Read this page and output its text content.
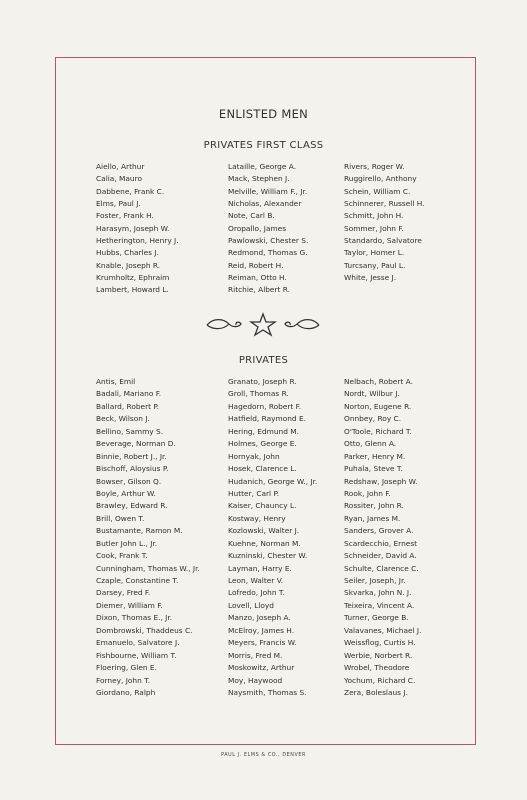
ENLISTED MEN
PRIVATES FIRST CLASS
Aiello, Arthur
Calia, Mauro
Dabbene, Frank C.
Elms, Paul J.
Foster, Frank H.
Harasym, Joseph W.
Hetherington, Henry J.
Hubbs, Charles J.
Knable, Joseph R.
Krumholtz, Ephraim
Lambert, Howard L.
Lataille, George A.
Mack, Stephen J.
Melville, William F., Jr.
Nicholas, Alexander
Note, Carl B.
Oropallo, James
Pawlowski, Chester S.
Redmond, Thomas G.
Reid, Robert H.
Reiman, Otto H.
Ritchie, Albert R.
Rivers, Roger W.
Ruggirello, Anthony
Schein, William C.
Schinnerer, Russell H.
Schmitt, John H.
Sommer, John F.
Standardo, Salvatore
Taylor, Homer L.
Turcsany, Paul L.
White, Jesse J.
PRIVATES
Antis, Emil
Badali, Mariano F.
Ballard, Robert P.
Beck, Wilson J.
Bellino, Sammy S.
Beverage, Norman D.
Binnie, Robert J., Jr.
Bischoff, Aloysius P.
Bowser, Gilson Q.
Boyle, Arthur W.
Brawley, Edward R.
Brill, Owen T.
Bustamante, Ramon M.
Butler John L., Jr.
Cook, Frank T.
Cunningham, Thomas W., Jr.
Czaple, Constantine T.
Darsey, Fred F.
Diemer, William F.
Dixon, Thomas E., Jr.
Dombrowski, Thaddeus C.
Emanuelo, Salvatore J.
Fishbourne, William T.
Floering, Glen E.
Forney, John T.
Giordano, Ralph
Granato, Joseph R.
Groll, Thomas R.
Hagedorn, Robert F.
Hatfield, Raymond E.
Hering, Edmund M.
Holmes, George E.
Hornyak, John
Hosek, Clarence L.
Hudanich, George W., Jr.
Hutter, Carl P.
Kaiser, Chauncy L.
Kostway, Henry
Kozlowski, Walter J.
Kuehne, Norman M.
Kuzninski, Chester W.
Layman, Harry E.
Leon, Walter V.
Lofredo, John T.
Lovell, Lloyd
Manzo, Joseph A.
McElroy, James H.
Meyers, Francis W.
Morris, Fred M.
Moskowitz, Arthur
Moy, Haywood
Naysmith, Thomas S.
Nelbach, Robert A.
Nordt, Wilbur J.
Norton, Eugene R.
Onnbey, Roy C.
O'Toole, Richard T.
Otto, Glenn A.
Parker, Henry M.
Puhala, Steve T.
Redshaw, Joseph W.
Rook, John F.
Rossiter, John R.
Ryan, James M.
Sanders, Grover A.
Scardecchio, Ernest
Schneider, David A.
Schulte, Clarence C.
Seiler, Joseph, Jr.
Skvarka, John N. J.
Teixeira, Vincent A.
Turner, George B.
Valavanes, Michael J.
Weissflog, Curtis H.
Werbie, Norbert R.
Wrobel, Theodore
Yochum, Richard C.
Zera, Boleslaus J.
PAUL J. ELMS & CO., DENVER
